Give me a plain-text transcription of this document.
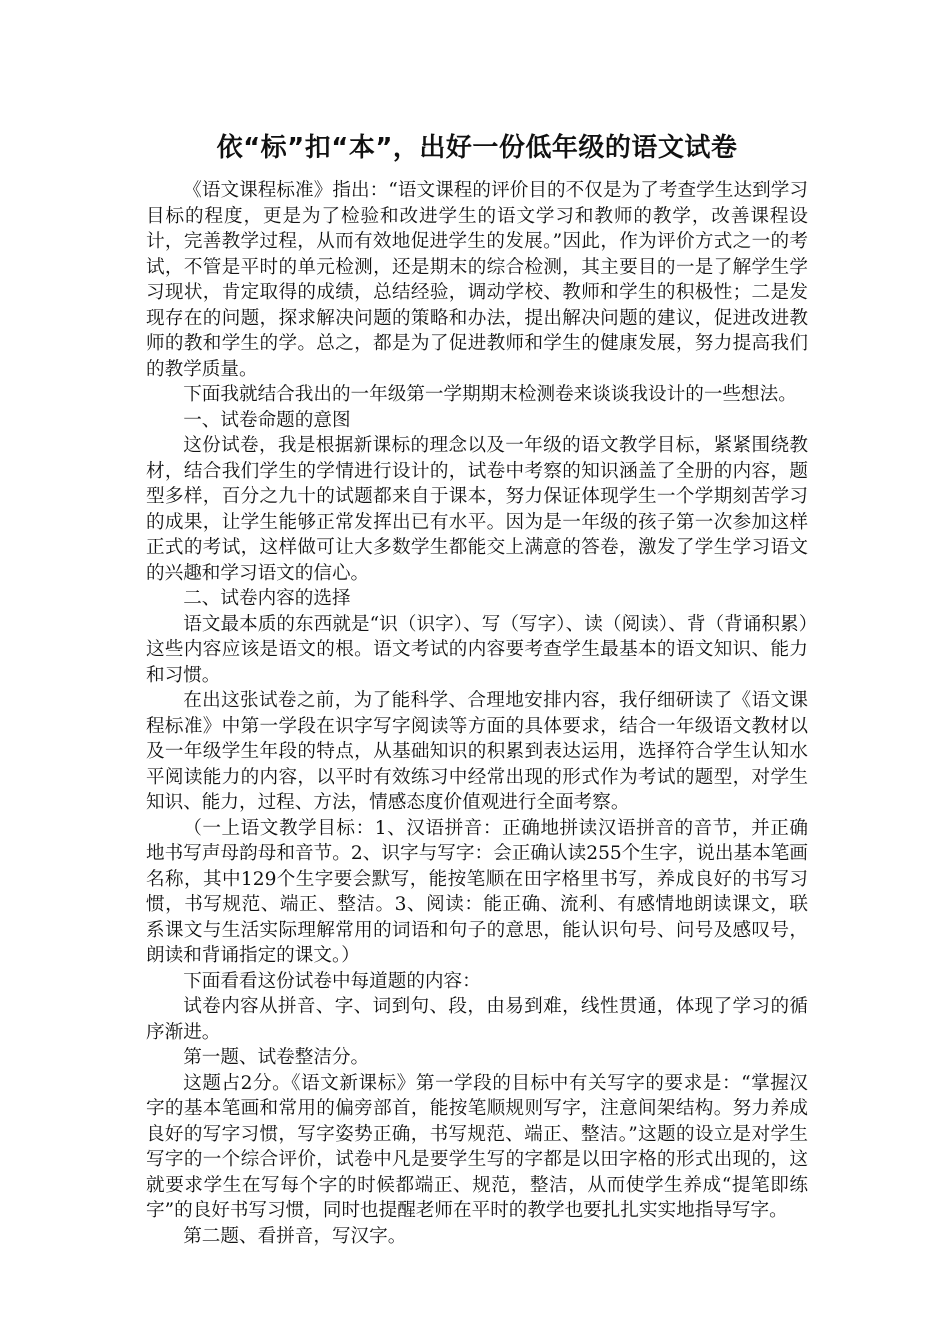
依“标”扣“本”，出好一份低年级的语文试卷

《语文课程标准》指出：“语文课程的评价目的不仅是为了考查学生达到学习目标的程度，更是为了检验和改进学生的语文学习和教师的教学，改善课程设计，完善教学过程，从而有效地促进学生的发展。”因此，作为评价方式之一的考试，不管是平时的单元检测，还是期末的综合检测，其主要目的一是了解学生学习现状，肯定取得的成绩，总结经验，调动学校、教师和学生的积极性；二是发现存在的问题，探求解决问题的策略和办法，提出解决问题的建议，促进改进教师的教和学生的学。总之，都是为了促进教师和学生的健康发展，努力提高我们的教学质量。

下面我就结合我出的一年级第一学期期末检测卷来谈谈我设计的一些想法。

一、试卷命题的意图

这份试卷，我是根据新课标的理念以及一年级的语文教学目标，紧紧围绕教材，结合我们学生的学情进行设计的，试卷中考察的知识涵盖了全册的内容，题型多样，百分之九十的试题都来自于课本，努力保证体现学生一个学期刻苦学习的成果，让学生能够正常发挥出已有水平。因为是一年级的孩子第一次参加这样正式的考试，这样做可让大多数学生都能交上满意的答卷，激发了学生学习语文的兴趣和学习语文的信心。

二、试卷内容的选择

语文最本质的东西就是“识（识字）、写（写字）、读（阅读）、背（背诵积累）这些内容应该是语文的根。语文考试的内容要考查学生最基本的语文知识、能力和习惯。

在出这张试卷之前，为了能科学、合理地安排内容，我仔细研读了《语文课程标准》中第一学段在识字写字阅读等方面的具体要求，结合一年级语文教材以及一年级学生年段的特点，从基础知识的积累到表达运用，选择符合学生认知水平阅读能力的内容，以平时有效练习中经常出现的形式作为考试的题型，对学生知识、能力，过程、方法，情感态度价值观进行全面考察。

（一上语文教学目标：1、汉语拼音：正确地拼读汉语拼音的音节，并正确地书写声母韵母和音节。2、识字与写字：会正确认读255个生字，说出基本笔画名称，其中129个生字要会默写，能按笔顺在田字格里书写，养成良好的书写习惯，书写规范、端正、整洁。3、阅读：能正确、流利、有感情地朗读课文，联系课文与生活实际理解常用的词语和句子的意思，能认识句号、问号及感叹号，朗读和背诵指定的课文。）

下面看看这份试卷中每道题的内容：

试卷内容从拼音、字、词到句、段，由易到难，线性贯通，体现了学习的循序渐进。

第一题、试卷整洁分。

这题占2分。《语文新课标》第一学段的目标中有关写字的要求是：“掌握汉字的基本笔画和常用的偏旁部首，能按笔顺规则写字，注意间架结构。努力养成良好的写字习惯，写字姿势正确，书写规范、端正、整洁。”这题的设立是对学生写字的一个综合评价，试卷中凡是要学生写的字都是以田字格的形式出现的，这就要求学生在写每个字的时候都端正、规范，整洁，从而使学生养成“提笔即练字”的良好书写习惯，同时也提醒老师在平时的教学也要扎扎实实地指导写字。

第二题、看拼音，写汉字。
